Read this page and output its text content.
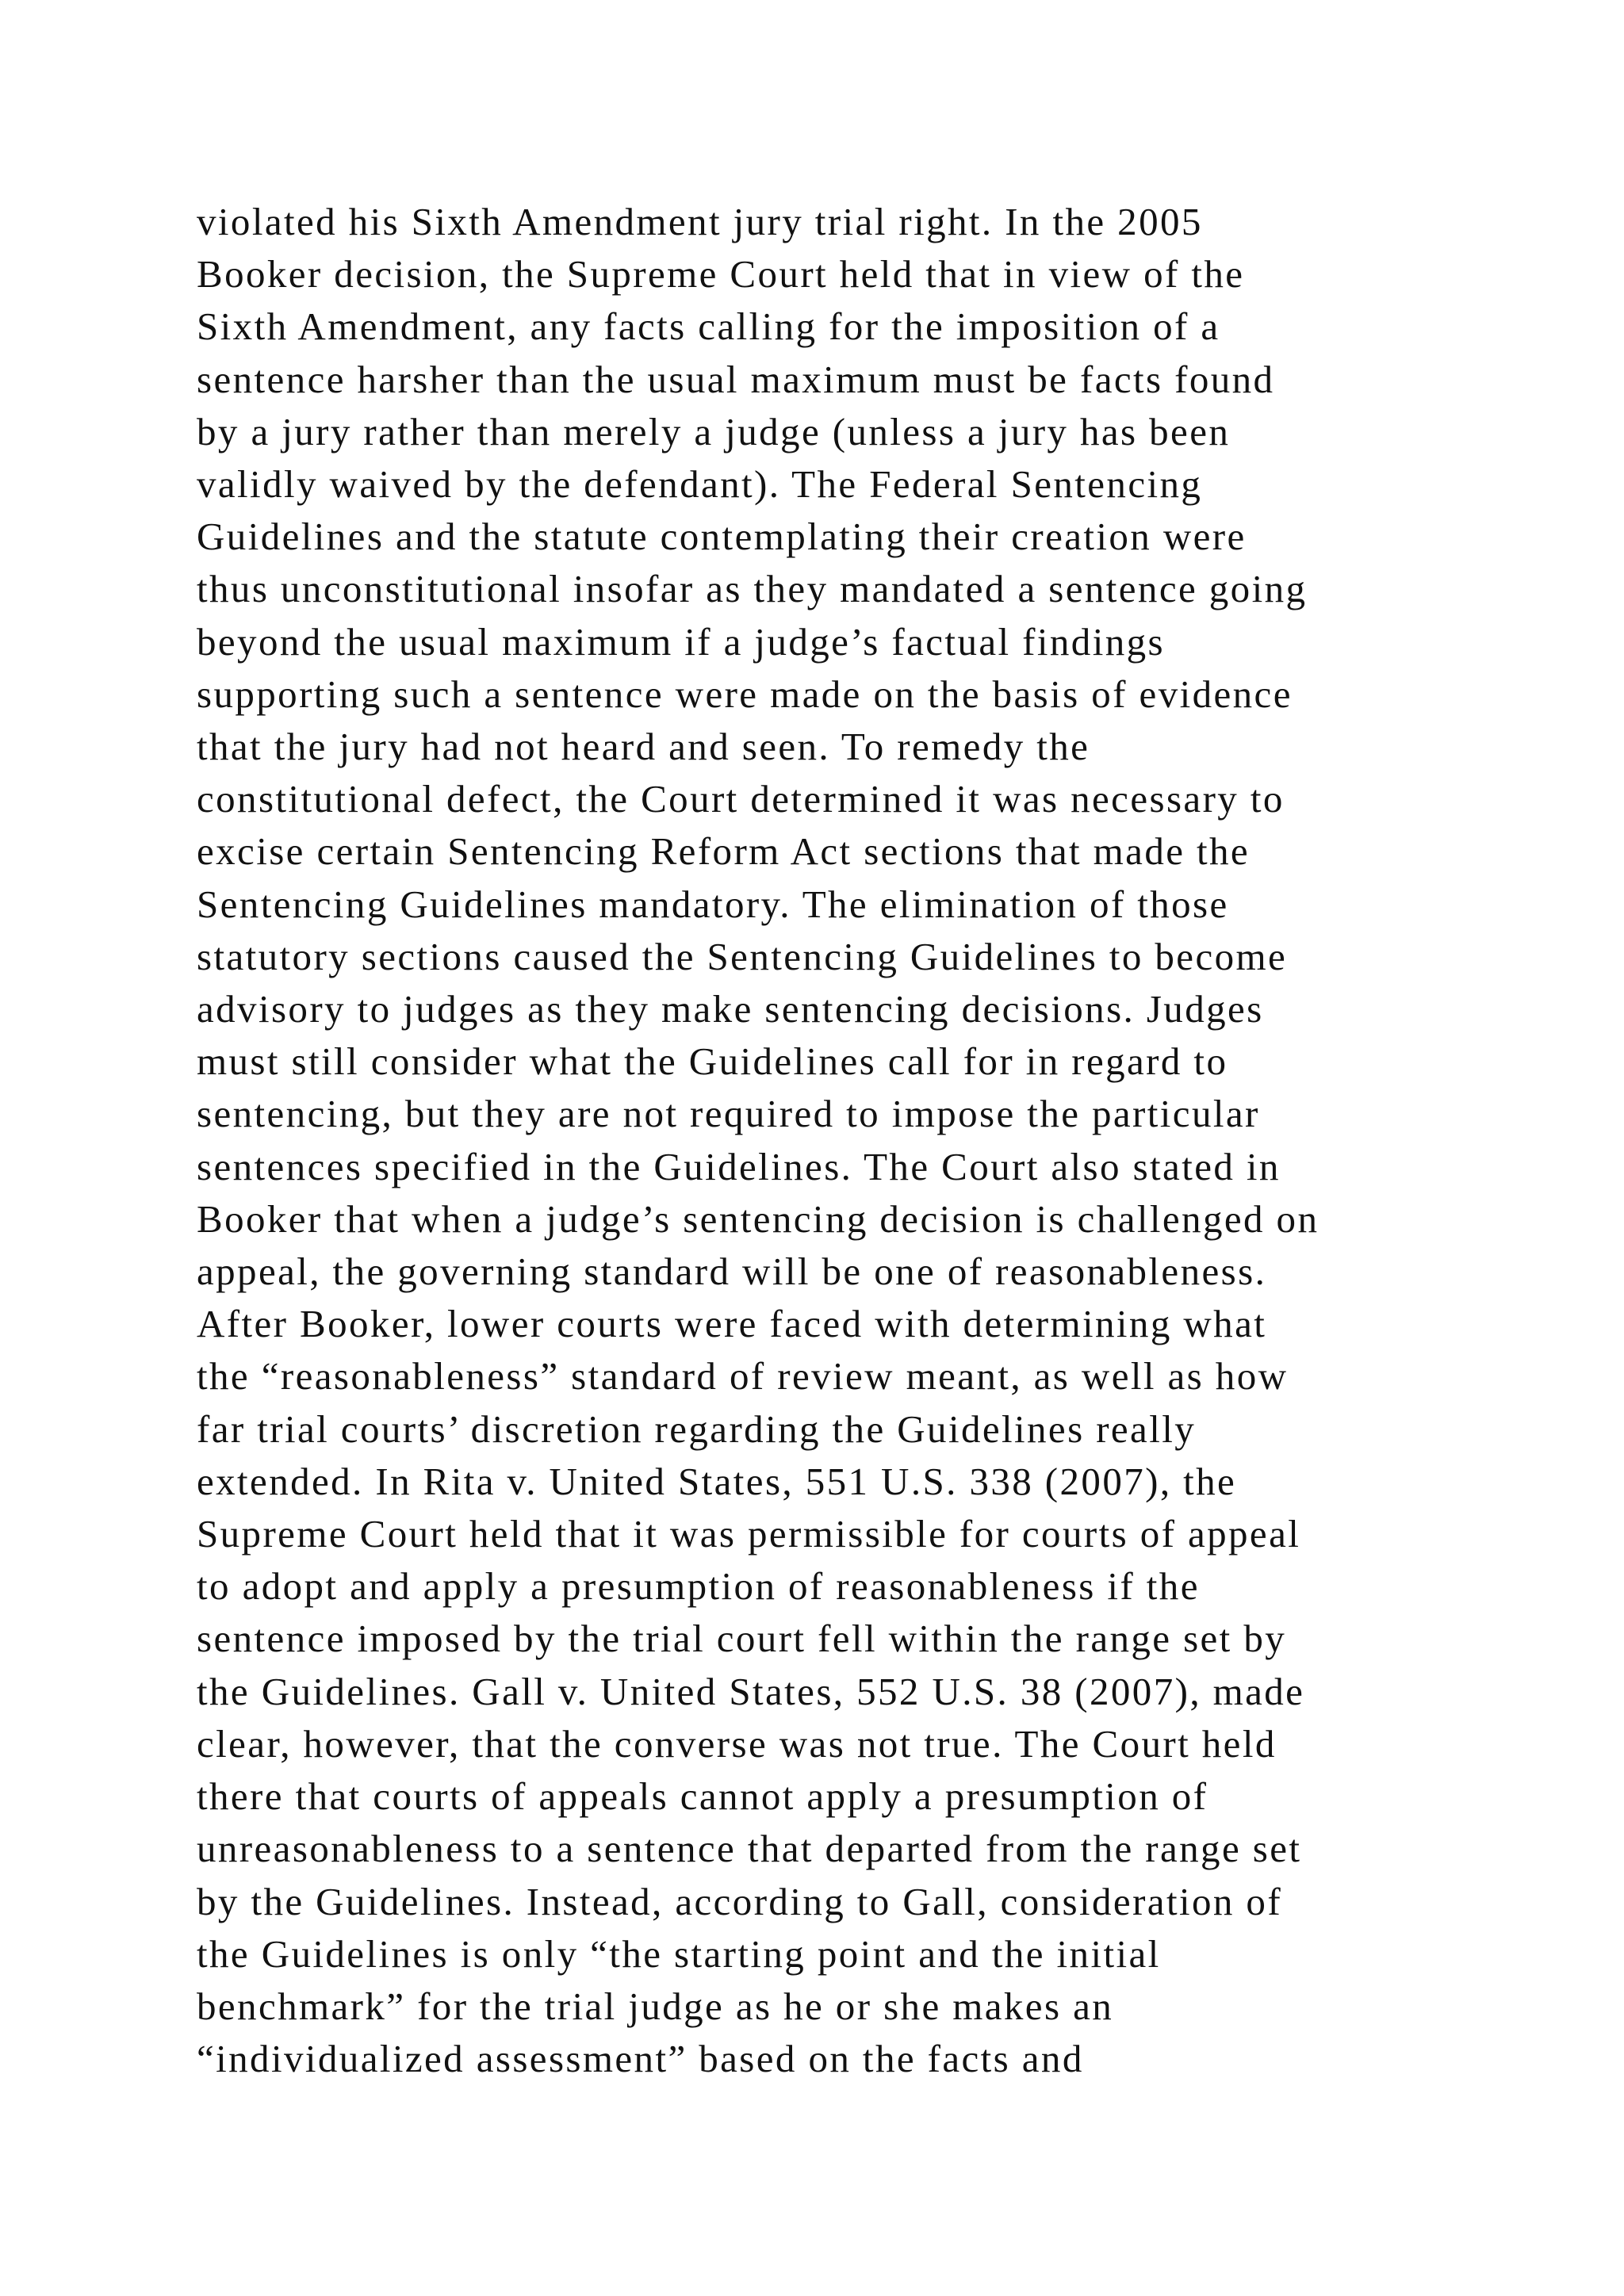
violated his Sixth Amendment jury trial right. In the 2005
Booker decision, the Supreme Court held that in view of the
Sixth Amendment, any facts calling for the imposition of a
sentence harsher than the usual maximum must be facts found
by a jury rather than merely a judge (unless a jury has been
validly waived by the defendant). The Federal Sentencing
Guidelines and the statute contemplating their creation were
thus unconstitutional insofar as they mandated a sentence going
beyond the usual maximum if a judge’s factual findings
supporting such a sentence were made on the basis of evidence
that the jury had not heard and seen. To remedy the
constitutional defect, the Court determined it was necessary to
excise certain Sentencing Reform Act sections that made the
Sentencing Guidelines mandatory. The elimination of those
statutory sections caused the Sentencing Guidelines to become
advisory to judges as they make sentencing decisions. Judges
must still consider what the Guidelines call for in regard to
sentencing, but they are not required to impose the particular
sentences specified in the Guidelines. The Court also stated in
Booker that when a judge’s sentencing decision is challenged on
appeal, the governing standard will be one of reasonableness.
After Booker, lower courts were faced with determining what
the “reasonableness” standard of review meant, as well as how
far trial courts’ discretion regarding the Guidelines really
extended. In Rita v. United States, 551 U.S. 338 (2007), the
Supreme Court held that it was permissible for courts of appeal
to adopt and apply a presumption of reasonableness if the
sentence imposed by the trial court fell within the range set by
the Guidelines. Gall v. United States, 552 U.S. 38 (2007), made
clear, however, that the converse was not true. The Court held
there that courts of appeals cannot apply a presumption of
unreasonableness to a sentence that departed from the range set
by the Guidelines. Instead, according to Gall, consideration of
the Guidelines is only “the starting point and the initial
benchmark” for the trial judge as he or she makes an
“individualized assessment” based on the facts and
